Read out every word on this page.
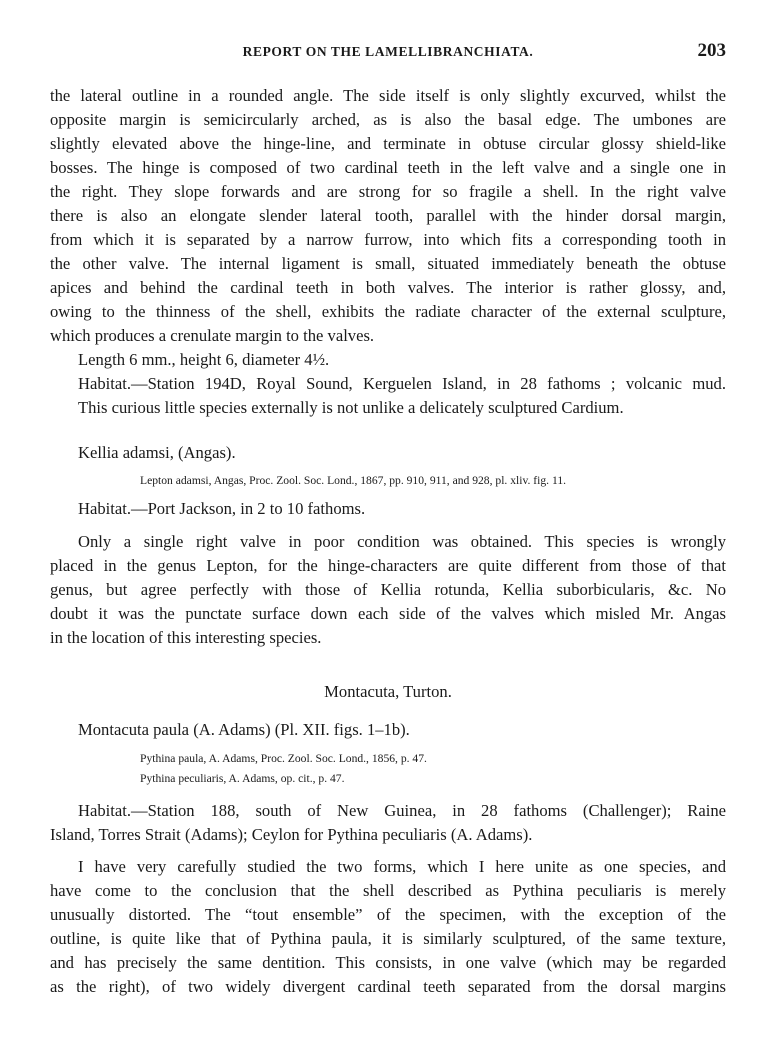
REPORT ON THE LAMELLIBRANCHIATA.	203
the lateral outline in a rounded angle. The side itself is only slightly excurved, whilst the
opposite margin is semicircularly arched, as is also the basal edge. The umbones are
slightly elevated above the hinge-line, and terminate in obtuse circular glossy shield-like
bosses. The hinge is composed of two cardinal teeth in the left valve and a single one in
the right. They slope forwards and are strong for so fragile a shell. In the right valve
there is also an elongate slender lateral tooth, parallel with the hinder dorsal margin,
from which it is separated by a narrow furrow, into which fits a corresponding tooth in
the other valve. The internal ligament is small, situated immediately beneath the obtuse
apices and behind the cardinal teeth in both valves. The interior is rather glossy, and,
owing to the thinness of the shell, exhibits the radiate character of the external sculpture,
which produces a crenulate margin to the valves.
Length 6 mm., height 6, diameter 4½.
Habitat.—Station 194D, Royal Sound, Kerguelen Island, in 28 fathoms ; volcanic mud.
This curious little species externally is not unlike a delicately sculptured Cardium.
Kellia adamsi, (Angas).
Lepton adamsi, Angas, Proc. Zool. Soc. Lond., 1867, pp. 910, 911, and 928, pl. xliv. fig. 11.
Habitat.—Port Jackson, in 2 to 10 fathoms.
Only a single right valve in poor condition was obtained. This species is wrongly
placed in the genus Lepton, for the hinge-characters are quite different from those of that
genus, but agree perfectly with those of Kellia rotunda, Kellia suborbicularis, &c. No
doubt it was the punctate surface down each side of the valves which misled Mr. Angas
in the location of this interesting species.
Montacuta, Turton.
Montacuta paula (A. Adams) (Pl. XII. figs. 1–1b).
Pythina paula, A. Adams, Proc. Zool. Soc. Lond., 1856, p. 47.
Pythina peculiaris, A. Adams, op. cit., p. 47.
Habitat.—Station 188, south of New Guinea, in 28 fathoms (Challenger); Raine
Island, Torres Strait (Adams); Ceylon for Pythina peculiaris (A. Adams).
I have very carefully studied the two forms, which I here unite as one species, and
have come to the conclusion that the shell described as Pythina peculiaris is merely
unusually distorted. The “tout ensemble” of the specimen, with the exception of the
outline, is quite like that of Pythina paula, it is similarly sculptured, of the same texture,
and has precisely the same dentition. This consists, in one valve (which may be regarded
as the right), of two widely divergent cardinal teeth separated from the dorsal margins
